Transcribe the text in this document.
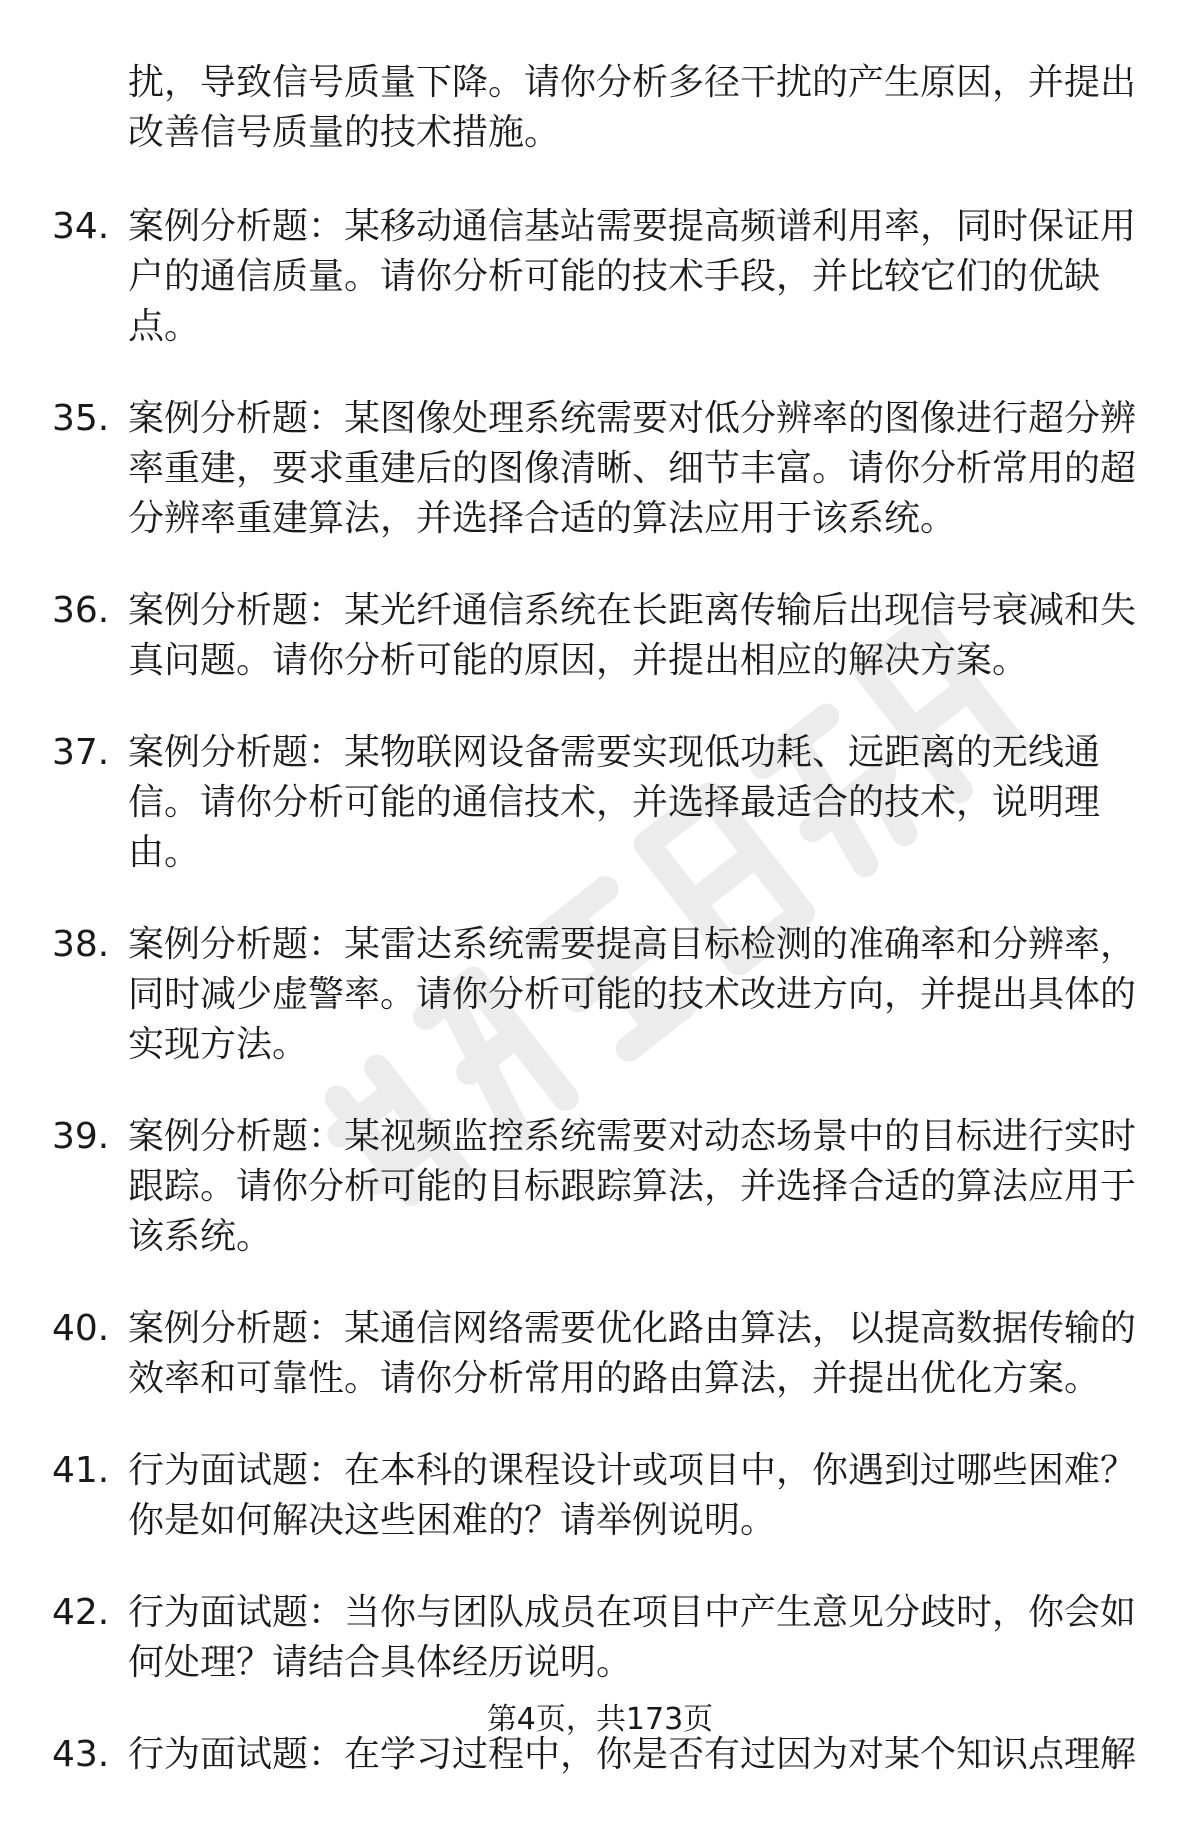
扰，导致信号质量下降。请你分析多径干扰的产生原因，并提出改善信号质量的技术措施。
34. 案例分析题：某移动通信基站需要提高频谱利用率，同时保证用户的通信质量。请你分析可能的技术手段，并比较它们的优缺点。
35. 案例分析题：某图像处理系统需要对低分辨率的图像进行超分辨率重建，要求重建后的图像清晰、细节丰富。请你分析常用的超分辨率重建算法，并选择合适的算法应用于该系统。
36. 案例分析题：某光纤通信系统在长距离传输后出现信号衰减和失真问题。请你分析可能的原因，并提出相应的解决方案。
37. 案例分析题：某物联网设备需要实现低功耗、远距离的无线通信。请你分析可能的通信技术，并选择最适合的技术，说明理由。
38. 案例分析题：某雷达系统需要提高目标检测的准确率和分辨率，同时减少虚警率。请你分析可能的技术改进方向，并提出具体的实现方法。
39. 案例分析题：某视频监控系统需要对动态场景中的目标进行实时跟踪。请你分析可能的目标跟踪算法，并选择合适的算法应用于该系统。
40. 案例分析题：某通信网络需要优化路由算法，以提高数据传输的效率和可靠性。请你分析常用的路由算法，并提出优化方案。
41. 行为面试题：在本科的课程设计或项目中，你遇到过哪些困难？你是如何解决这些困难的？请举例说明。
42. 行为面试题：当你与团队成员在项目中产生意见分歧时，你会如何处理？请结合具体经历说明。
43. 行为面试题：在学习过程中，你是否有过因为对某个知识点理解
第4页，共173页
